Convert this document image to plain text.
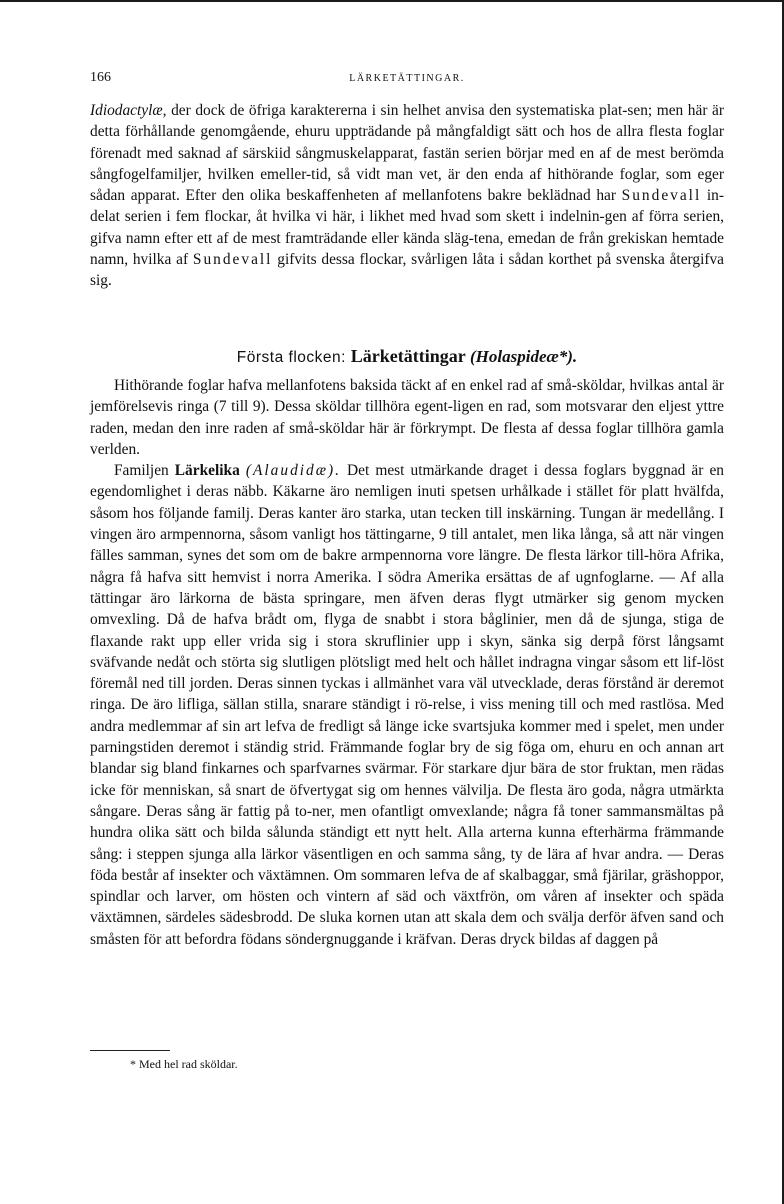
166	LÄRKETÄTTINGAR.

Idiodactylæ, der dock de öfriga karaktererna i sin helhet anvisa den systematiska plat-sen; men här är detta förhållande genomgående, ehuru uppträdande på mångfaldigt sätt och hos de allra flesta foglar förenadt med saknad af särskiid sångmuskelapparat, fastän serien börjar med en af de mest berömda sångfogelfamiljer, hvilken emeller-tid, så vidt man vet, är den enda af hithörande foglar, som eger sådan apparat. Efter den olika beskaffenheten af mellanfotens bakre beklädnad har Sundevall in-delat serien i fem flockar, åt hvilka vi här, i likhet med hvad som skett i indelnin-gen af förra serien, gifva namn efter ett af de mest framträdande eller kända släg-tena, emedan de från grekiskan hemtade namn, hvilka af Sundevall gifvits dessa flockar, svårligen låta i sådan korthet på svenska återgifva sig.

Första flocken: Lärketättingar (Holaspideæ*).

Hithörande foglar hafva mellanfotens baksida täckt af en enkel rad af små-sköldar, hvilkas antal är jemförelsevis ringa (7 till 9). Dessa sköldar tillhöra egent-ligen en rad, som motsvarar den eljest yttre raden, medan den inre raden af små-sköldar här är förkrympt. De flesta af dessa foglar tillhöra gamla verlden.

Familjen Lärkelika (Alaudidæ). Det mest utmärkande draget i dessa foglars byggnad är en egendomlighet i deras näbb. Käkarne äro nemligen inuti spetsen urhålkade i stället för platt hvälfda, såsom hos följande familj. Deras kanter äro starka, utan tecken till inskärning. Tungan är medellång. I vingen äro armpennorna, såsom vanligt hos tättingarne, 9 till antalet, men lika långa, så att när vingen fälles samman, synes det som om de bakre armpennorna vore längre. De flesta lärkor till-höra Afrika, några få hafva sitt hemvist i norra Amerika. I södra Amerika ersättas de af ugnfoglarne. — Af alla tättingar äro lärkorna de bästa springare, men äfven deras flygt utmärker sig genom mycken omvexling. Då de hafva brådt om, flyga de snabbt i stora båglinier, men då de sjunga, stiga de flaxande rakt upp eller vrida sig i stora skruflinier upp i skyn, sänka sig derpå först långsamt sväfvande nedåt och störta sig slutligen plötsligt med helt och hållet indragna vingar såsom ett lif-löst föremål ned till jorden. Deras sinnen tyckas i allmänhet vara väl utvecklade, deras förstånd är deremot ringa. De äro lifliga, sällan stilla, snarare ständigt i rö-relse, i viss mening till och med rastlösa. Med andra medlemmar af sin art lefva de fredligt så länge icke svartsjuka kommer med i spelet, men under parningstiden deremot i ständig strid. Främmande foglar bry de sig föga om, ehuru en och annan art blandar sig bland finkarnes och sparfvarnes svärmar. För starkare djur bära de stor fruktan, men rädas icke för menniskan, så snart de öfvertygat sig om hennes välvilja. De flesta äro goda, några utmärkta sångare. Deras sång är fattig på to-ner, men ofantligt omvexlande; några få toner sammansmältas på hundra olika sätt och bilda sålunda ständigt ett nytt helt. Alla arterna kunna efterhärma främmande sång: i steppen sjunga alla lärkor väsentligen en och samma sång, ty de lära af hvar andra. — Deras föda består af insekter och växtämnen. Om sommaren lefva de af skalbaggar, små fjärilar, gräshoppor, spindlar och larver, om hösten och vintern af säd och växtfrön, om våren af insekter och späda växtämnen, särdeles sädesbrodd. De sluka kornen utan att skala dem och svälja derför äfven sand och småsten för att befordra födans söndergnuggande i kräfvan. Deras dryck bildas af daggen på

* Med hel rad sköldar.
